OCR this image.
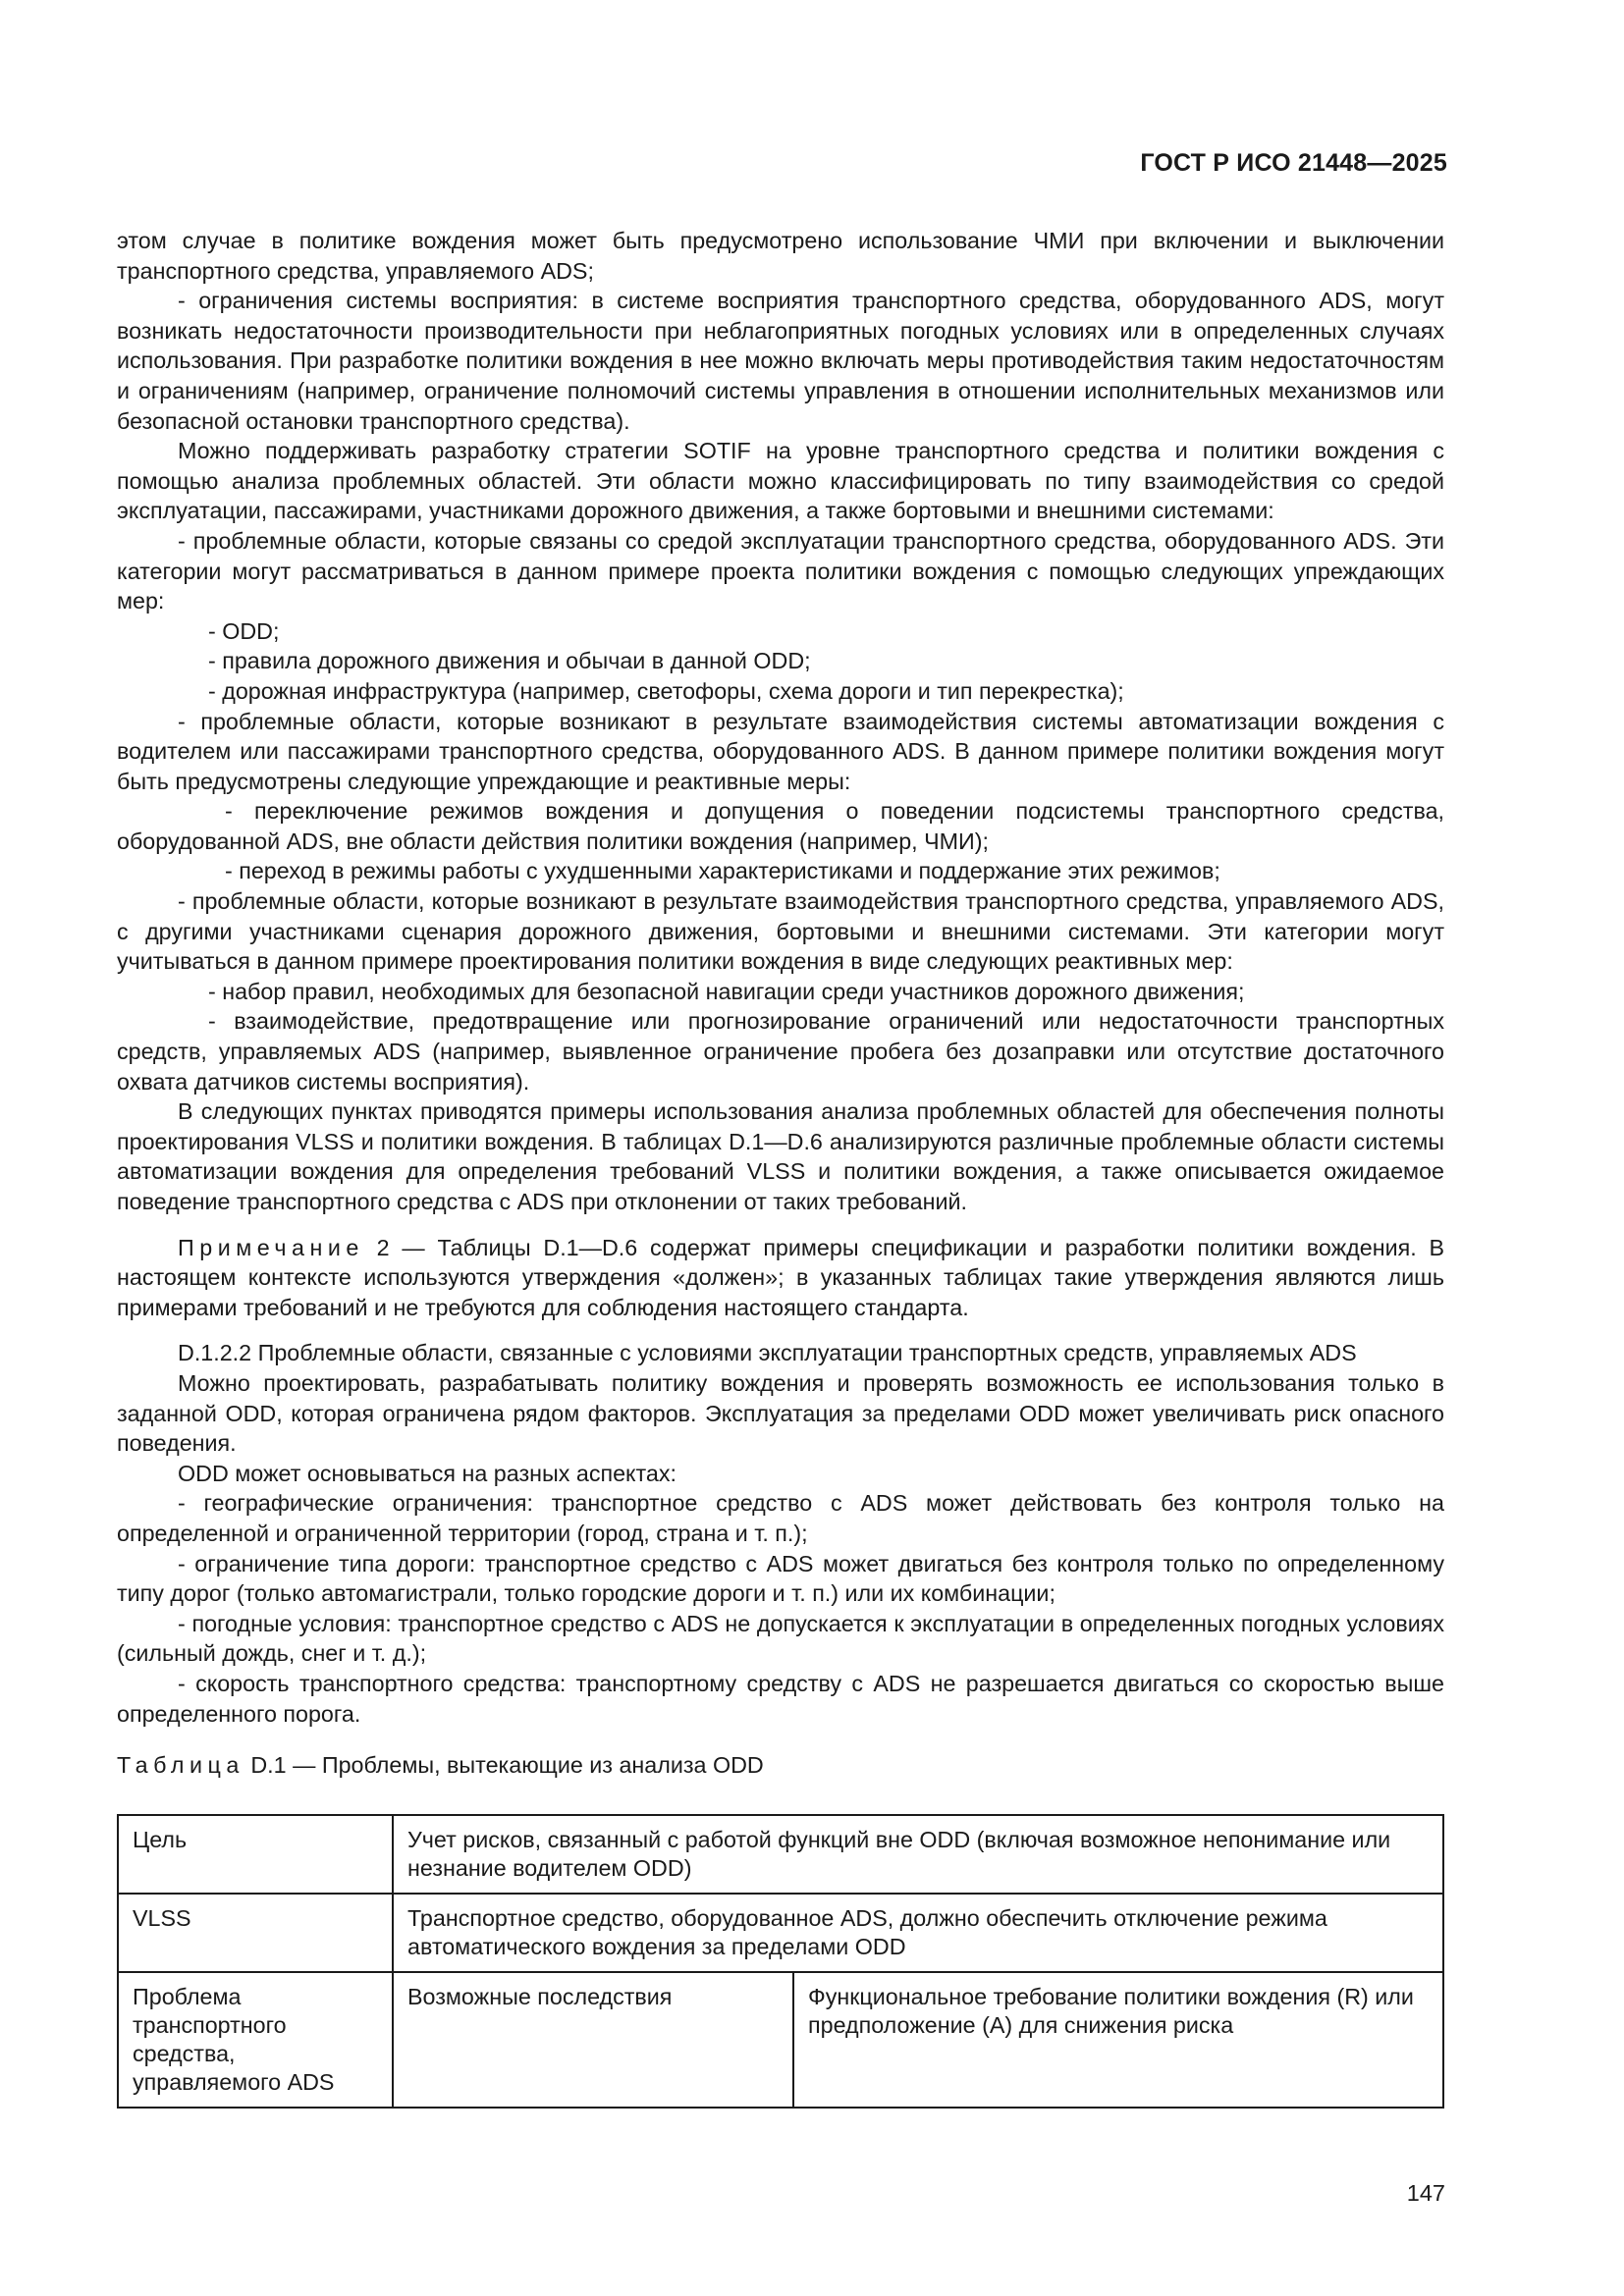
ГОСТ Р ИСО 21448—2025

этом случае в политике вождения может быть предусмотрено использование ЧМИ при включении и выключении транспортного средства, управляемого ADS;

- ограничения системы восприятия: в системе восприятия транспортного средства, оборудованного ADS, могут возникать недостаточности производительности при неблагоприятных погодных условиях или в определенных случаях использования. При разработке политики вождения в нее можно включать меры противодействия таким недостаточностям и ограничениям (например, ограничение полномочий системы управления в отношении исполнительных механизмов или безопасной остановки транспортного средства).

Можно поддерживать разработку стратегии SOTIF на уровне транспортного средства и политики вождения с помощью анализа проблемных областей. Эти области можно классифицировать по типу взаимодействия со средой эксплуатации, пассажирами, участниками дорожного движения, а также бортовыми и внешними системами:

- проблемные области, которые связаны со средой эксплуатации транспортного средства, оборудованного ADS. Эти категории могут рассматриваться в данном примере проекта политики вождения с помощью следующих упреждающих мер:

- ODD;

- правила дорожного движения и обычаи в данной ODD;

- дорожная инфраструктура (например, светофоры, схема дороги и тип перекрестка);

- проблемные области, которые возникают в результате взаимодействия системы автоматизации вождения с водителем или пассажирами транспортного средства, оборудованного ADS. В данном примере политики вождения могут быть предусмотрены следующие упреждающие и реактивные меры:

- переключение режимов вождения и допущения о поведении подсистемы транспортного средства, оборудованной ADS, вне области действия политики вождения (например, ЧМИ);

- переход в режимы работы с ухудшенными характеристиками и поддержание этих режимов;

- проблемные области, которые возникают в результате взаимодействия транспортного средства, управляемого ADS, с другими участниками сценария дорожного движения, бортовыми и внешними системами. Эти категории могут учитываться в данном примере проектирования политики вождения в виде следующих реактивных мер:

- набор правил, необходимых для безопасной навигации среди участников дорожного движения;

- взаимодействие, предотвращение или прогнозирование ограничений или недостаточности транспортных средств, управляемых ADS (например, выявленное ограничение пробега без дозаправки или отсутствие достаточного охвата датчиков системы восприятия).

В следующих пунктах приводятся примеры использования анализа проблемных областей для обеспечения полноты проектирования VLSS и политики вождения. В таблицах D.1—D.6 анализируются различные проблемные области системы автоматизации вождения для определения требований VLSS и политики вождения, а также описывается ожидаемое поведение транспортного средства с ADS при отклонении от таких требований.

Примечание 2 — Таблицы D.1—D.6 содержат примеры спецификации и разработки политики вождения. В настоящем контексте используются утверждения «должен»; в указанных таблицах такие утверждения являются лишь примерами требований и не требуются для соблюдения настоящего стандарта.

D.1.2.2 Проблемные области, связанные с условиями эксплуатации транспортных средств, управляемых ADS

Можно проектировать, разрабатывать политику вождения и проверять возможность ее использования только в заданной ODD, которая ограничена рядом факторов. Эксплуатация за пределами ODD может увеличивать риск опасного поведения.

ODD может основываться на разных аспектах:

- географические ограничения: транспортное средство с ADS может действовать без контроля только на определенной и ограниченной территории (город, страна и т. п.);

- ограничение типа дороги: транспортное средство с ADS может двигаться без контроля только по определенному типу дорог (только автомагистрали, только городские дороги и т. п.) или их комбинации;

- погодные условия: транспортное средство с ADS не допускается к эксплуатации в определенных погодных условиях (сильный дождь, снег и т. д.);

- скорость транспортного средства: транспортному средству с ADS не разрешается двигаться со скоростью выше определенного порога.

Таблица D.1 — Проблемы, вытекающие из анализа ODD

Цель	Учет рисков, связанный с работой функций вне ODD (включая возможное непонимание или незнание водителем ODD)	
VLSS	Транспортное средство, оборудованное ADS, должно обеспечить отключение режима автоматического вождения за пределами ODD	
Проблема транспортного средства, управляемого ADS	Возможные последствия	Функциональное требование политики вождения (R) или предположение (A) для снижения риска
147
